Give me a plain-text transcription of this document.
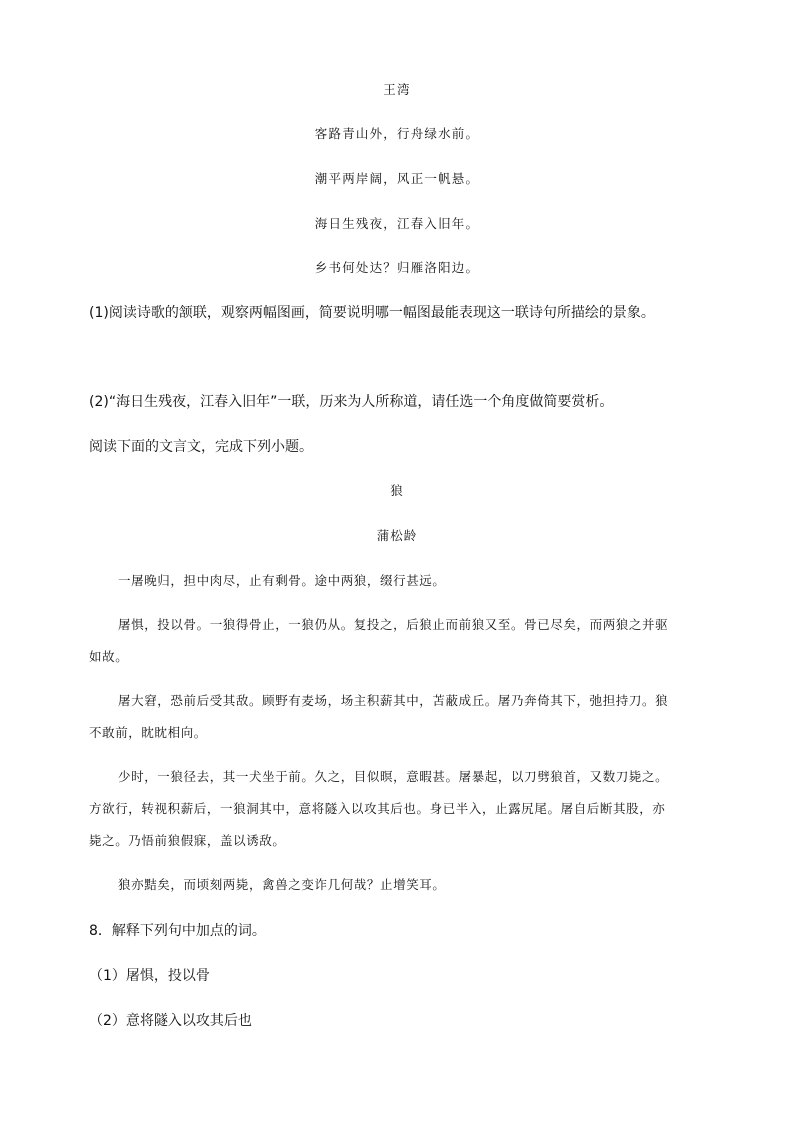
王湾
客路青山外，行舟绿水前。
潮平两岸阔，风正一帆悬。
海日生残夜，江春入旧年。
乡书何处达？归雁洛阳边。
(1)阅读诗歌的颔联，观察两幅图画，简要说明哪一幅图最能表现这一联诗句所描绘的景象。
(2)“海日生残夜，江春入旧年”一联，历来为人所称道，请任选一个角度做简要赏析。
阅读下面的文言文，完成下列小题。
狼
蒲松龄
一屠晚归，担中肉尽，止有剩骨。途中两狼，缀行甚远。
屠惧，投以骨。一狼得骨止，一狼仍从。复投之，后狼止而前狼又至。骨已尽矣，而两狼之并驱
如故。
屠大窘，恐前后受其敌。顾野有麦场，场主积薪其中，苫蔽成丘。屠乃奔倚其下，弛担持刀。狼
不敢前，眈眈相向。
少时，一狼径去，其一犬坐于前。久之，目似暝，意暇甚。屠暴起，以刀劈狼首，又数刀毙之。
方欲行，转视积薪后，一狼洞其中，意将隧入以攻其后也。身已半入，止露尻尾。屠自后断其股，亦
毙之。乃悟前狼假寐，盖以诱敌。
狼亦黠矣，而顷刻两毙，禽兽之变诈几何哉？止增笑耳。
8．解释下列句中加点的词。
（1）屠惧，投以骨
（2）意将隧入以攻其后也
